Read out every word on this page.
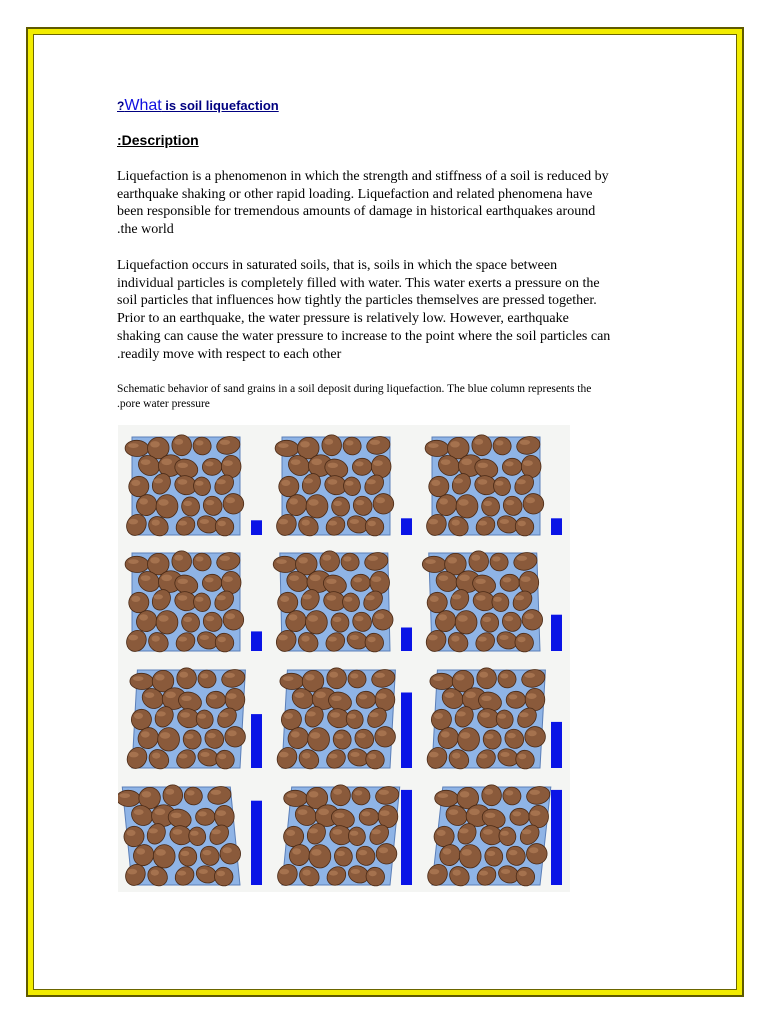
?What is soil liquefaction
:Description
Liquefaction is a phenomenon in which the strength and stiffness of a soil is reduced by
earthquake shaking or other rapid loading. Liquefaction and related phenomena have
been responsible for tremendous amounts of damage in historical earthquakes around
.the world
Liquefaction occurs in saturated soils, that is, soils in which the space between
individual particles is completely filled with water. This water exerts a pressure on the
soil particles that influences how tightly the particles themselves are pressed together.
Prior to an earthquake, the water pressure is relatively low. However, earthquake
shaking can cause the water pressure to increase to the point where the soil particles can
.readily move with respect to each other
Schematic behavior of sand grains in a soil deposit during liquefaction. The blue column represents the
.pore water pressure
